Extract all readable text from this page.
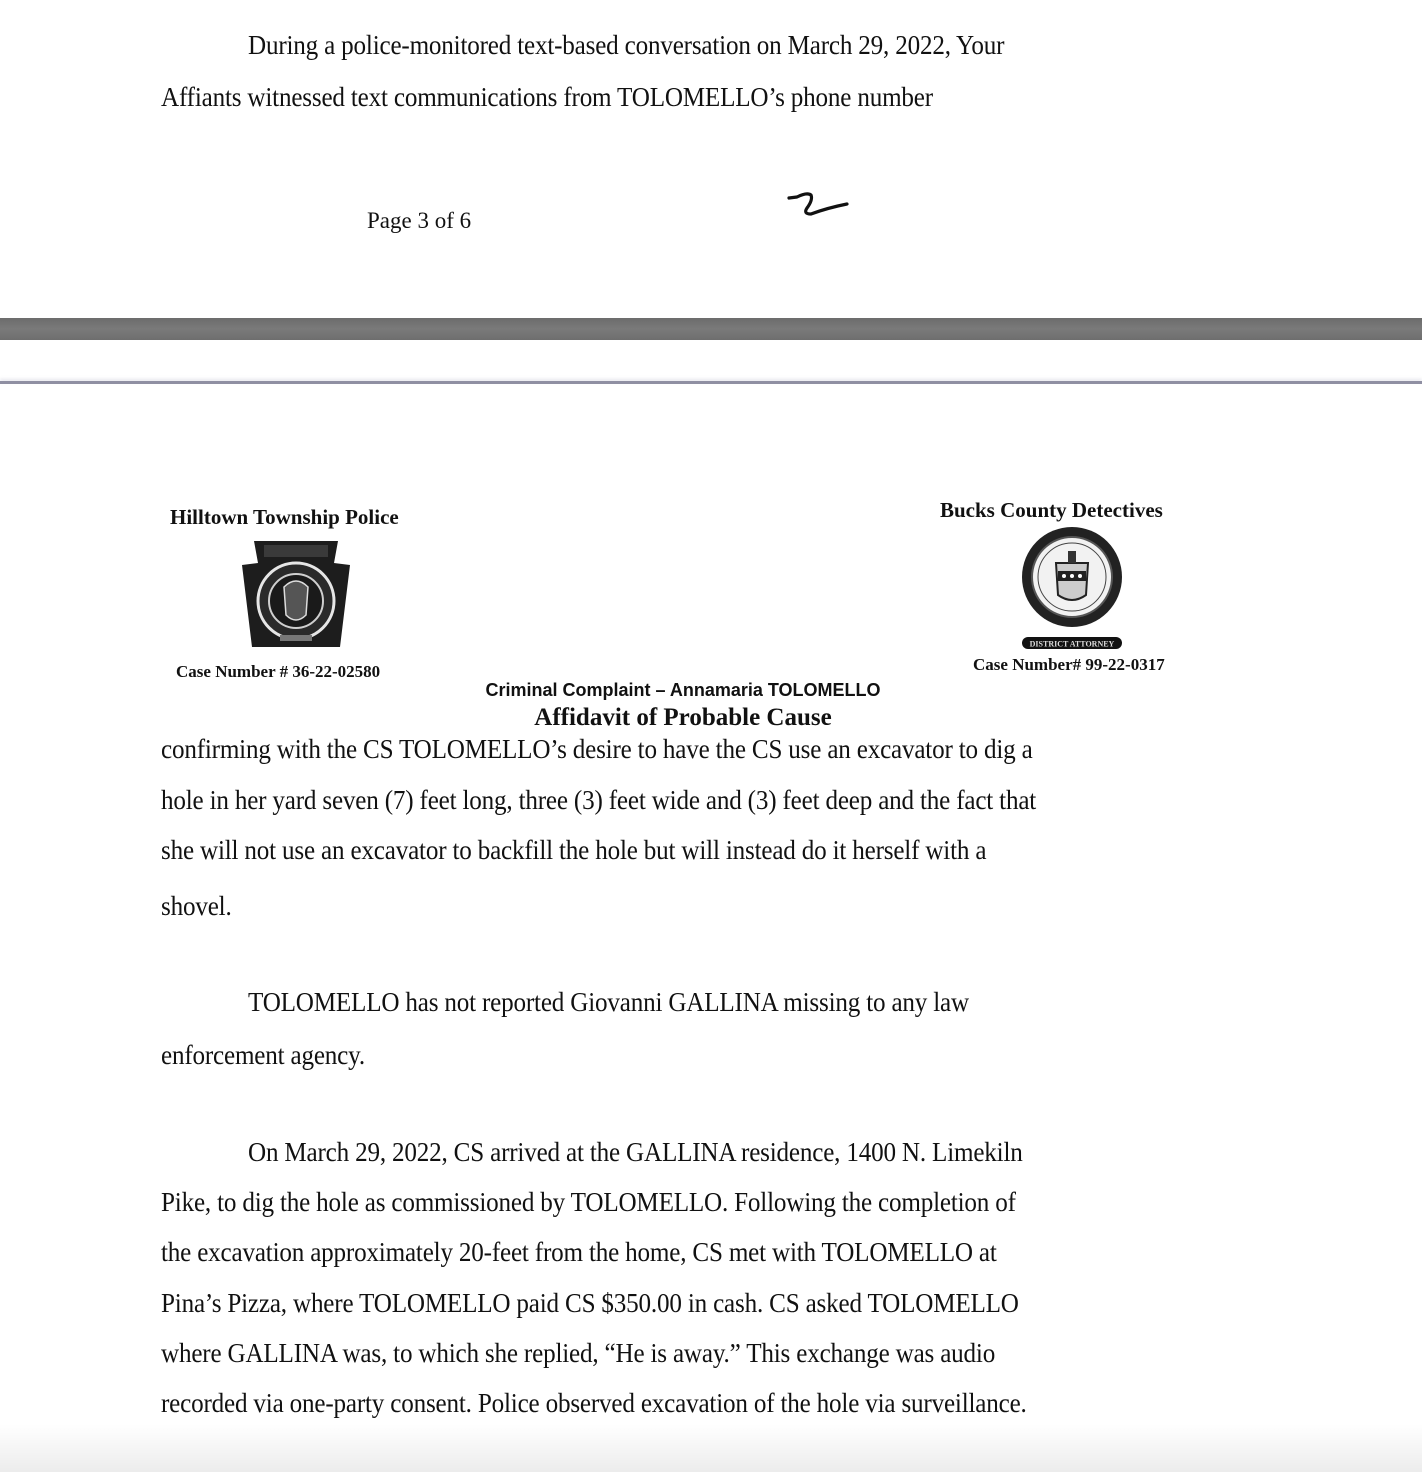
During a police-monitored text-based conversation on March 29, 2022, Your
Affiants witnessed text communications from TOLOMELLO’s phone number
Page 3 of 6
Hilltown Township Police
Case Number # 36-22-02580
Bucks County Detectives
DISTRICT ATTORNEY
Case Number# 99-22-0317
Criminal Complaint – Annamaria TOLOMELLO
Affidavit of Probable Cause
confirming with the CS TOLOMELLO’s desire to have the CS use an excavator to dig a
hole in her yard seven (7) feet long, three (3) feet wide and (3) feet deep and the fact that
she will not use an excavator to backfill the hole but will instead do it herself with a
shovel.
TOLOMELLO has not reported Giovanni GALLINA missing to any law
enforcement agency.
On March 29, 2022, CS arrived at the GALLINA residence, 1400 N. Limekiln
Pike, to dig the hole as commissioned by TOLOMELLO. Following the completion of
the excavation approximately 20-feet from the home, CS met with TOLOMELLO at
Pina’s Pizza, where TOLOMELLO paid CS $350.00 in cash. CS asked TOLOMELLO
where GALLINA was, to which she replied, “He is away.” This exchange was audio
recorded via one-party consent. Police observed excavation of the hole via surveillance.
